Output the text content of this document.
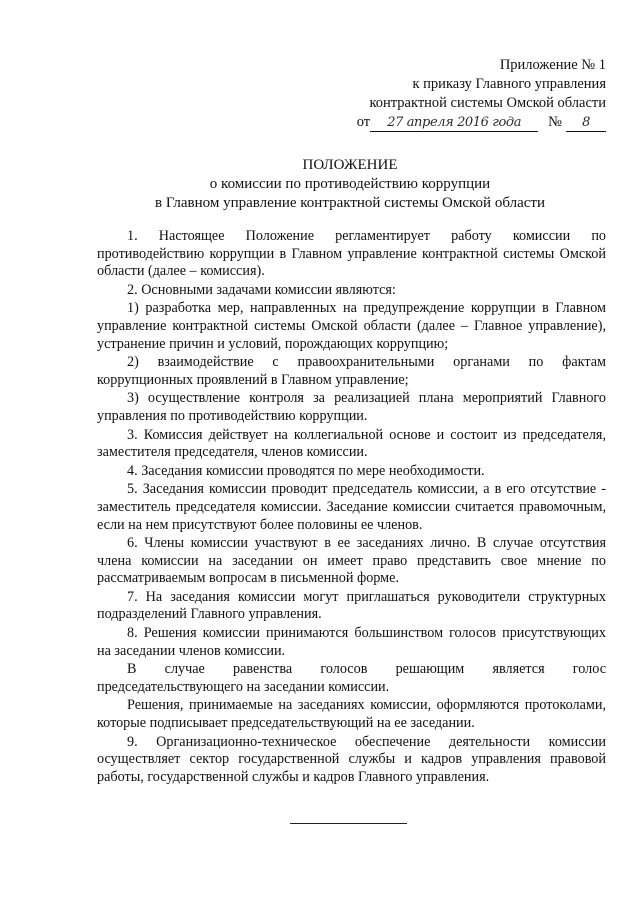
Приложение № 1
к приказу Главного управления
контрактной системы Омской области
от 27 апреля 2016 года № 8
ПОЛОЖЕНИЕ
о комиссии по противодействию коррупции
в Главном управление контрактной системы Омской области

1. Настоящее Положение регламентирует работу комиссии по противодействию коррупции в Главном управление контрактной системы Омской области (далее – комиссия).

2. Основными задачами комиссии являются:

1) разработка мер, направленных на предупреждение коррупции в Главном управление контрактной системы Омской области (далее – Главное управление), устранение причин и условий, порождающих коррупцию;

2) взаимодействие с правоохранительными органами по фактам коррупционных проявлений в Главном управление;

3) осуществление контроля за реализацией плана мероприятий Главного управления по противодействию коррупции.

3. Комиссия действует на коллегиальной основе и состоит из председателя, заместителя председателя, членов комиссии.

4. Заседания комиссии проводятся по мере необходимости.

5. Заседания комиссии проводит председатель комиссии, а в его отсутствие - заместитель председателя комиссии. Заседание комиссии считается правомочным, если на нем присутствуют более половины ее членов.

6. Члены комиссии участвуют в ее заседаниях лично. В случае отсутствия члена комиссии на заседании он имеет право представить свое мнение по рассматриваемым вопросам в письменной форме.

7. На заседания комиссии могут приглашаться руководители структурных подразделений Главного управления.

8. Решения комиссии принимаются большинством голосов присутствующих на заседании членов комиссии.

В случае равенства голосов решающим является голос председательствующего на заседании комиссии.

Решения, принимаемые на заседаниях комиссии, оформляются протоколами, которые подписывает председательствующий на ее заседании.

9. Организационно-техническое обеспечение деятельности комиссии осуществляет сектор государственной службы и кадров управления правовой работы, государственной службы и кадров Главного управления.
